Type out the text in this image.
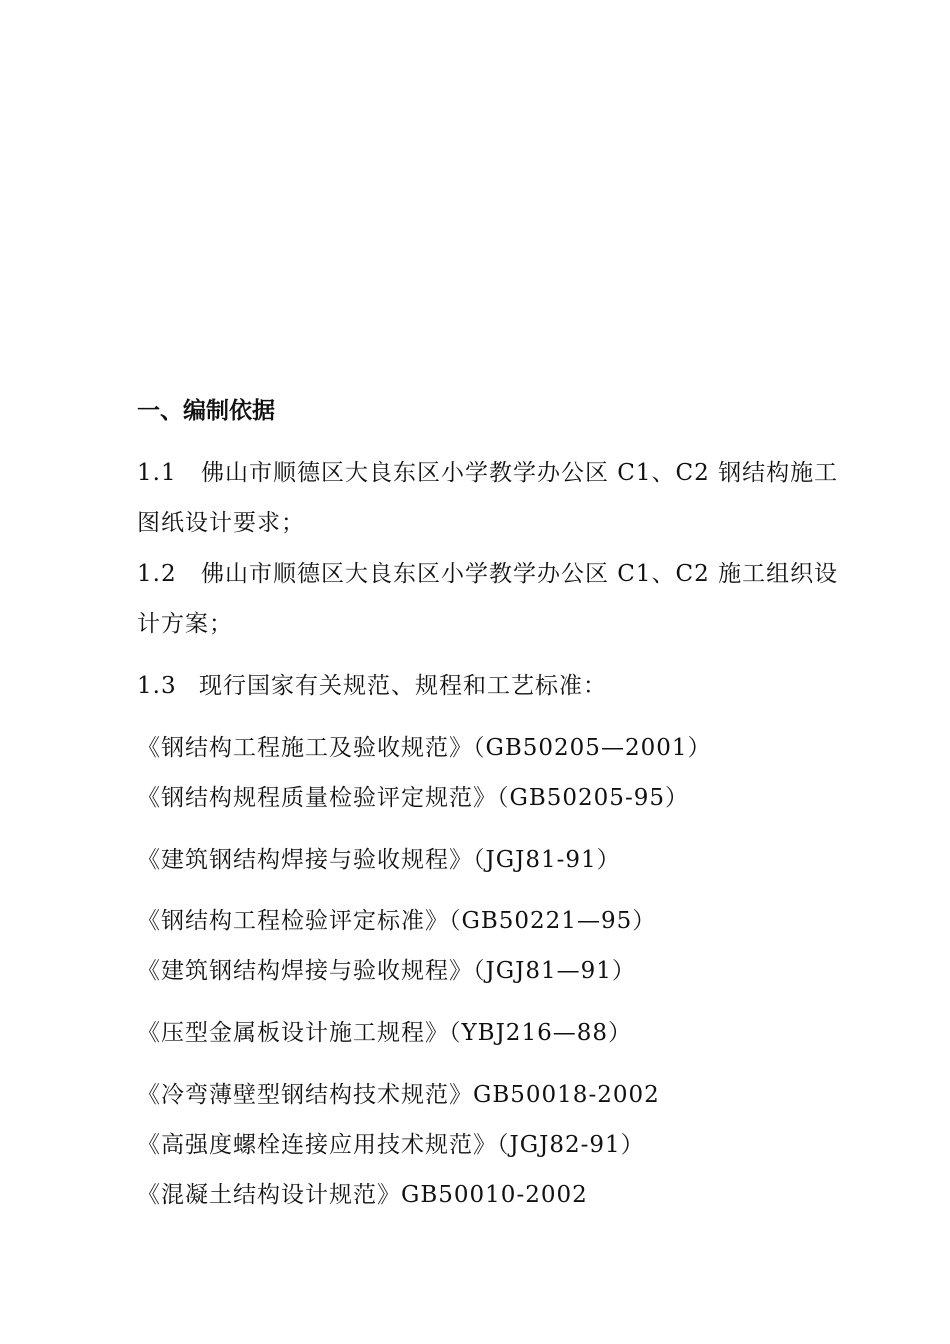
一、编制依据
1.1 佛山市顺德区大良东区小学教学办公区 C1、C2 钢结构施工
图纸设计要求；
1.2 佛山市顺德区大良东区小学教学办公区 C1、C2 施工组织设
计方案；
1.3 现行国家有关规范、规程和工艺标准：
《钢结构工程施工及验收规范》（GB50205—2001）
《钢结构规程质量检验评定规范》（GB50205-95）
《建筑钢结构焊接与验收规程》（JGJ81-91）
《钢结构工程检验评定标准》（GB50221—95）
《建筑钢结构焊接与验收规程》（JGJ81—91）
《压型金属板设计施工规程》（YBJ216—88）
《冷弯薄壁型钢结构技术规范》GB50018-2002
《高强度螺栓连接应用技术规范》（JGJ82-91）
《混凝土结构设计规范》GB50010-2002
